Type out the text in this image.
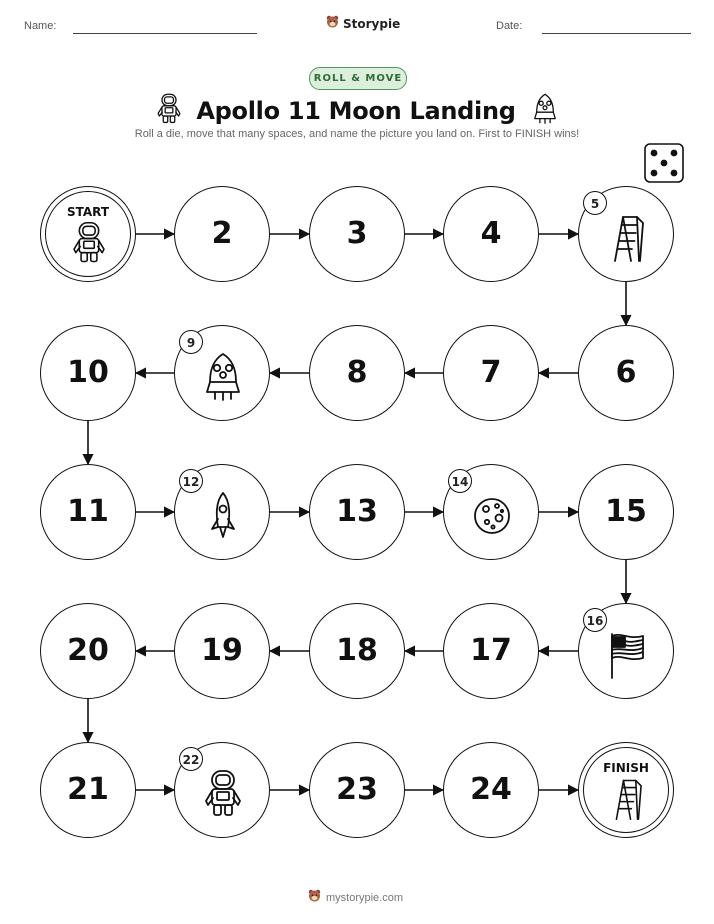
Name:	Storypie	Date:
ROLL & MOVE
Apollo 11 Moon Landing
Roll a die, move that many spaces, and name the picture you land on. First to FINISH wins!
START
2	3	4
5
6
7
8
9
10
11
12
13
14
15
16
17
18
19
20
21
22
23	24
FINISH
mystorypie.com
